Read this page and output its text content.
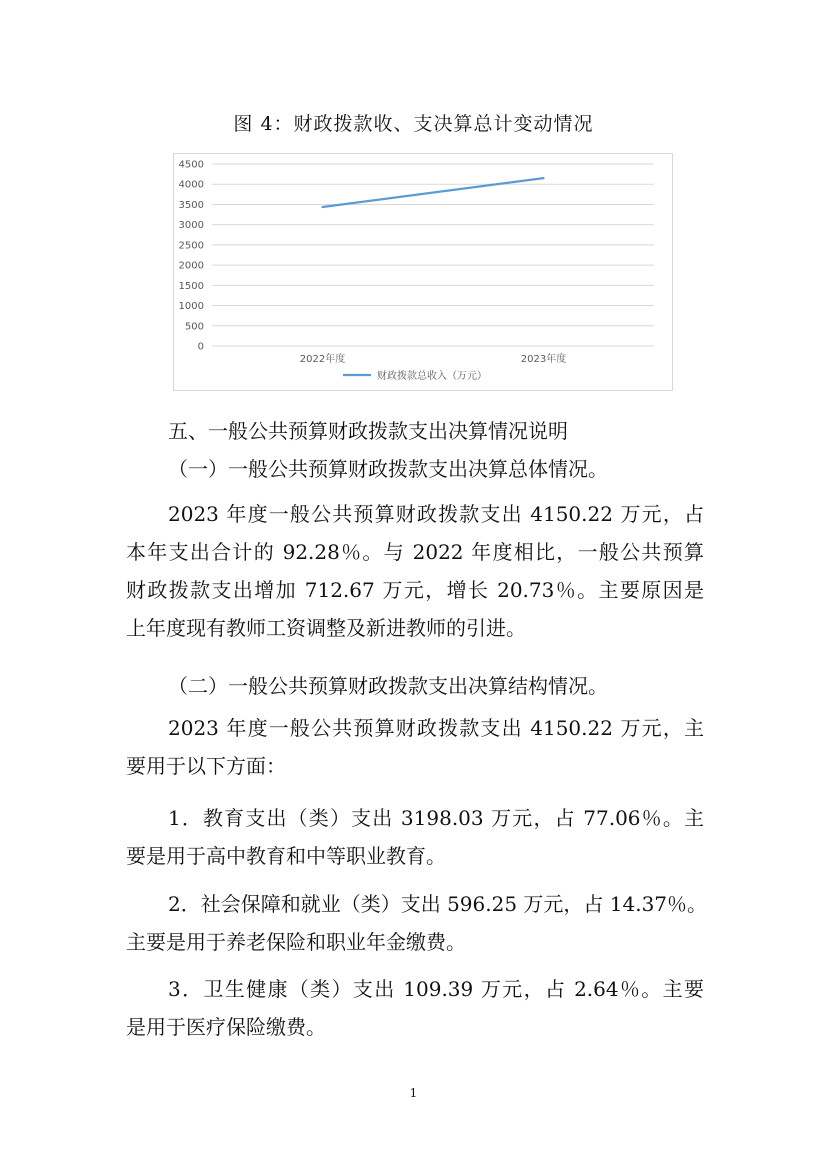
图 4：财政拨款收、支决算总计变动情况
0
500
1000
1500
2000
2500
3000
3500
4000
4500
2022年度	2023年度
财政拨款总收入（万元）
五、一般公共预算财政拨款支出决算情况说明
（一）一般公共预算财政拨款支出决算总体情况。
2023 年度一般公共预算财政拨款支出 4150.22 万元，占
本年支出合计的 92.28％。与 2022 年度相比，一般公共预算
财政拨款支出增加 712.67 万元，增长 20.73％。主要原因是
上年度现有教师工资调整及新进教师的引进。
（二）一般公共预算财政拨款支出决算结构情况。
2023 年度一般公共预算财政拨款支出 4150.22 万元，主
要用于以下方面：
1．教育支出（类）支出 3198.03 万元，占 77.06％。主
要是用于高中教育和中等职业教育。
2．社会保障和就业（类）支出 596.25 万元，占 14.37％。
主要是用于养老保险和职业年金缴费。
3．卫生健康（类）支出 109.39 万元，占 2.64％。主要
是用于医疗保险缴费。
1
